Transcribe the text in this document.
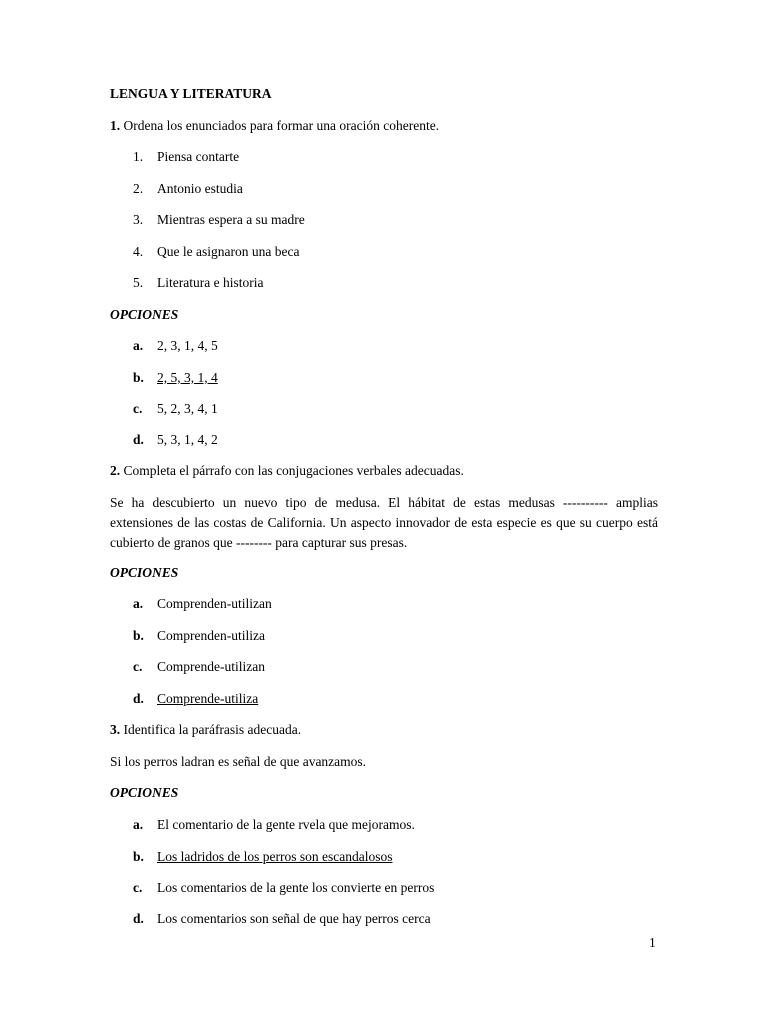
LENGUA Y LITERATURA
1. Ordena los enunciados para formar una oración coherente.
1. Piensa contarte
2. Antonio estudia
3. Mientras espera a su madre
4. Que le asignaron una beca
5. Literatura e historia
OPCIONES
a. 2, 3, 1, 4, 5
b. 2, 5, 3, 1, 4
c. 5, 2, 3, 4, 1
d. 5, 3, 1, 4, 2
2. Completa el párrafo con las conjugaciones verbales adecuadas.
Se ha descubierto un nuevo tipo de medusa. El hábitat de estas medusas ---------- amplias extensiones de las costas de California. Un aspecto innovador de esta especie es que su cuerpo está cubierto de granos que -------- para capturar sus presas.
OPCIONES
a. Comprenden-utilizan
b. Comprenden-utiliza
c. Comprende-utilizan
d. Comprende-utiliza
3. Identifica la paráfrasis adecuada.
Si los perros ladran es señal de que avanzamos.
OPCIONES
a. El comentario de la gente rvela que mejoramos.
b. Los ladridos de los perros son escandalosos
c. Los comentarios de la gente los convierte en perros
d. Los comentarios son señal de que hay perros cerca
1
